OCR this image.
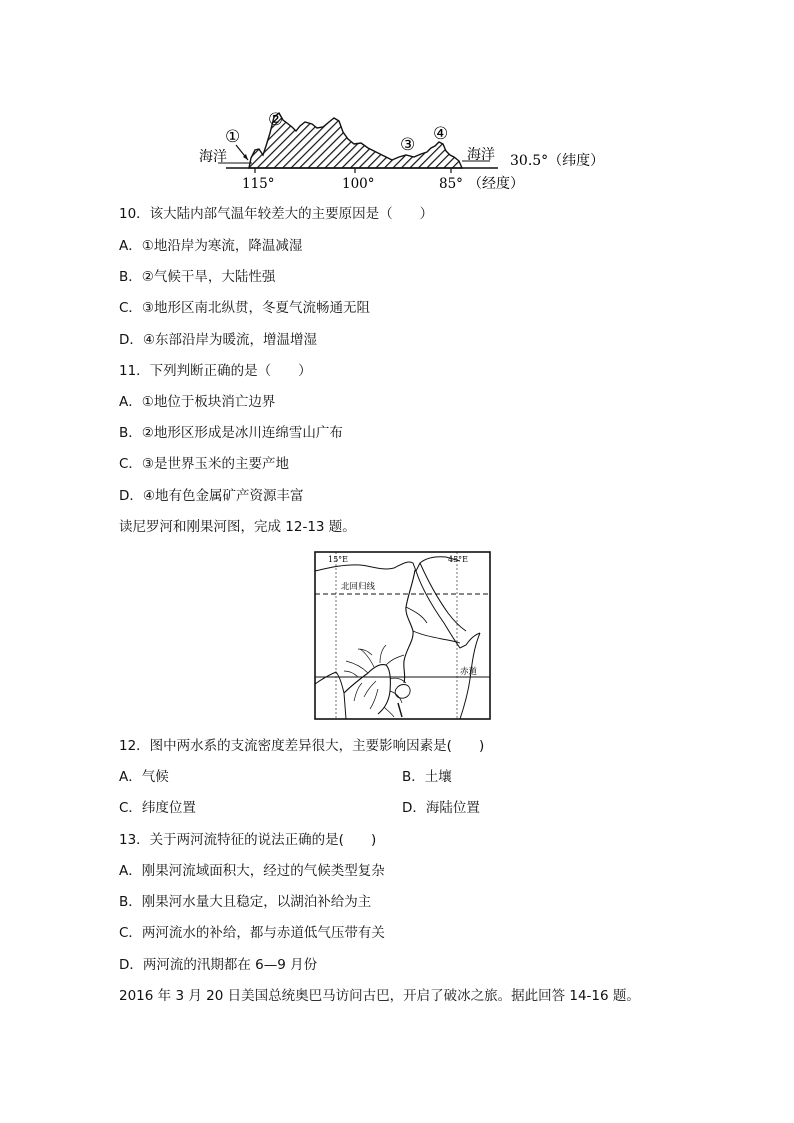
①
②
③
④
海洋	海洋 30.5°（纬度）
115°	100°	85° （经度）
10．该大陆内部气温年较差大的主要原因是（　　）
A．①地沿岸为寒流，降温减湿
B．②气候干旱，大陆性强
C．③地形区南北纵贯，冬夏气流畅通无阻
D．④东部沿岸为暖流，增温增湿
11．下列判断正确的是（　　）
A．①地位于板块消亡边界
B．②地形区形成是冰川连绵雪山广布
C．③是世界玉米的主要产地
D．④地有色金属矿产资源丰富
读尼罗河和刚果河图，完成 12-13 题。
15°E	45°E
北回归线
赤道
12．图中两水系的支流密度差异很大，主要影响因素是(　　)
A．气候	B．土壤
C．纬度位置	D．海陆位置
13．关于两河流特征的说法正确的是(　　)
A．刚果河流域面积大，经过的气候类型复杂
B．刚果河水量大且稳定，以湖泊补给为主
C．两河流水的补给，都与赤道低气压带有关
D．两河流的汛期都在 6—9 月份
2016 年 3 月 20 日美国总统奥巴马访问古巴，开启了破冰之旅。据此回答 14-16 题。
